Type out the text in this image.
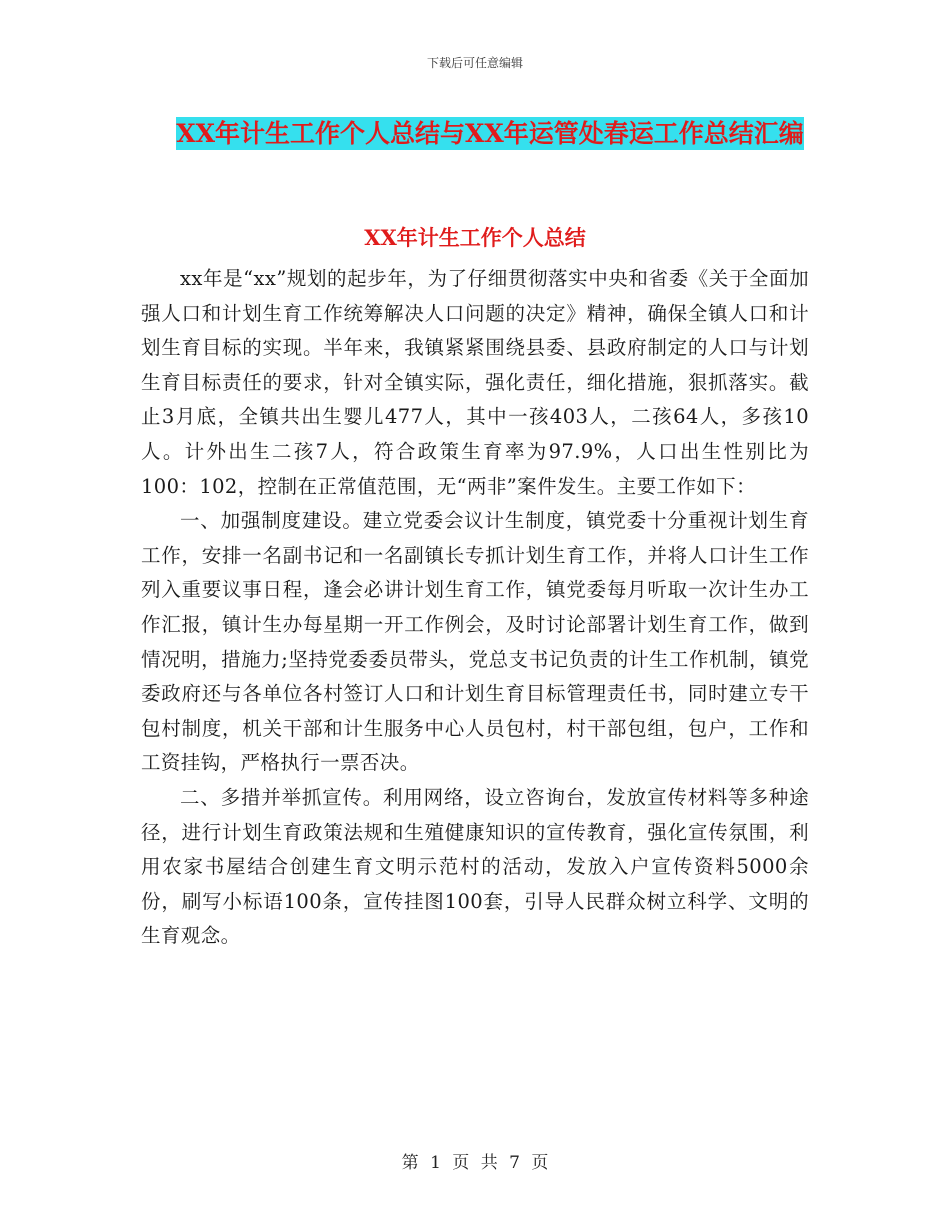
下载后可任意编辑
XX年计生工作个人总结与XX年运管处春运工作总结汇编
XX年计生工作个人总结

xx年是“xx”规划的起步年，为了仔细贯彻落实中央和省委《关于全面加强人口和计划生育工作统筹解决人口问题的决定》精神，确保全镇人口和计划生育目标的实现。半年来，我镇紧紧围绕县委、县政府制定的人口与计划生育目标责任的要求，针对全镇实际，强化责任，细化措施，狠抓落实。截止3月底，全镇共出生婴儿477人，其中一孩403人，二孩64人，多孩10人。计外出生二孩7人，符合政策生育率为97.9%，人口出生性别比为100：102，控制在正常值范围，无“两非”案件发生。主要工作如下：

一、加强制度建设。建立党委会议计生制度，镇党委十分重视计划生育工作，安排一名副书记和一名副镇长专抓计划生育工作，并将人口计生工作列入重要议事日程，逢会必讲计划生育工作，镇党委每月听取一次计生办工作汇报，镇计生办每星期一开工作例会，及时讨论部署计划生育工作，做到情况明，措施力;坚持党委委员带头，党总支书记负责的计生工作机制，镇党委政府还与各单位各村签订人口和计划生育目标管理责任书，同时建立专干包村制度，机关干部和计生服务中心人员包村，村干部包组，包户，工作和工资挂钩，严格执行一票否决。

二、多措并举抓宣传。利用网络，设立咨询台，发放宣传材料等多种途径，进行计划生育政策法规和生殖健康知识的宣传教育，强化宣传氛围，利用农家书屋结合创建生育文明示范村的活动，发放入户宣传资料5000余份，刷写小标语100条，宣传挂图100套，引导人民群众树立科学、文明的生育观念。

第 1 页 共 7 页
